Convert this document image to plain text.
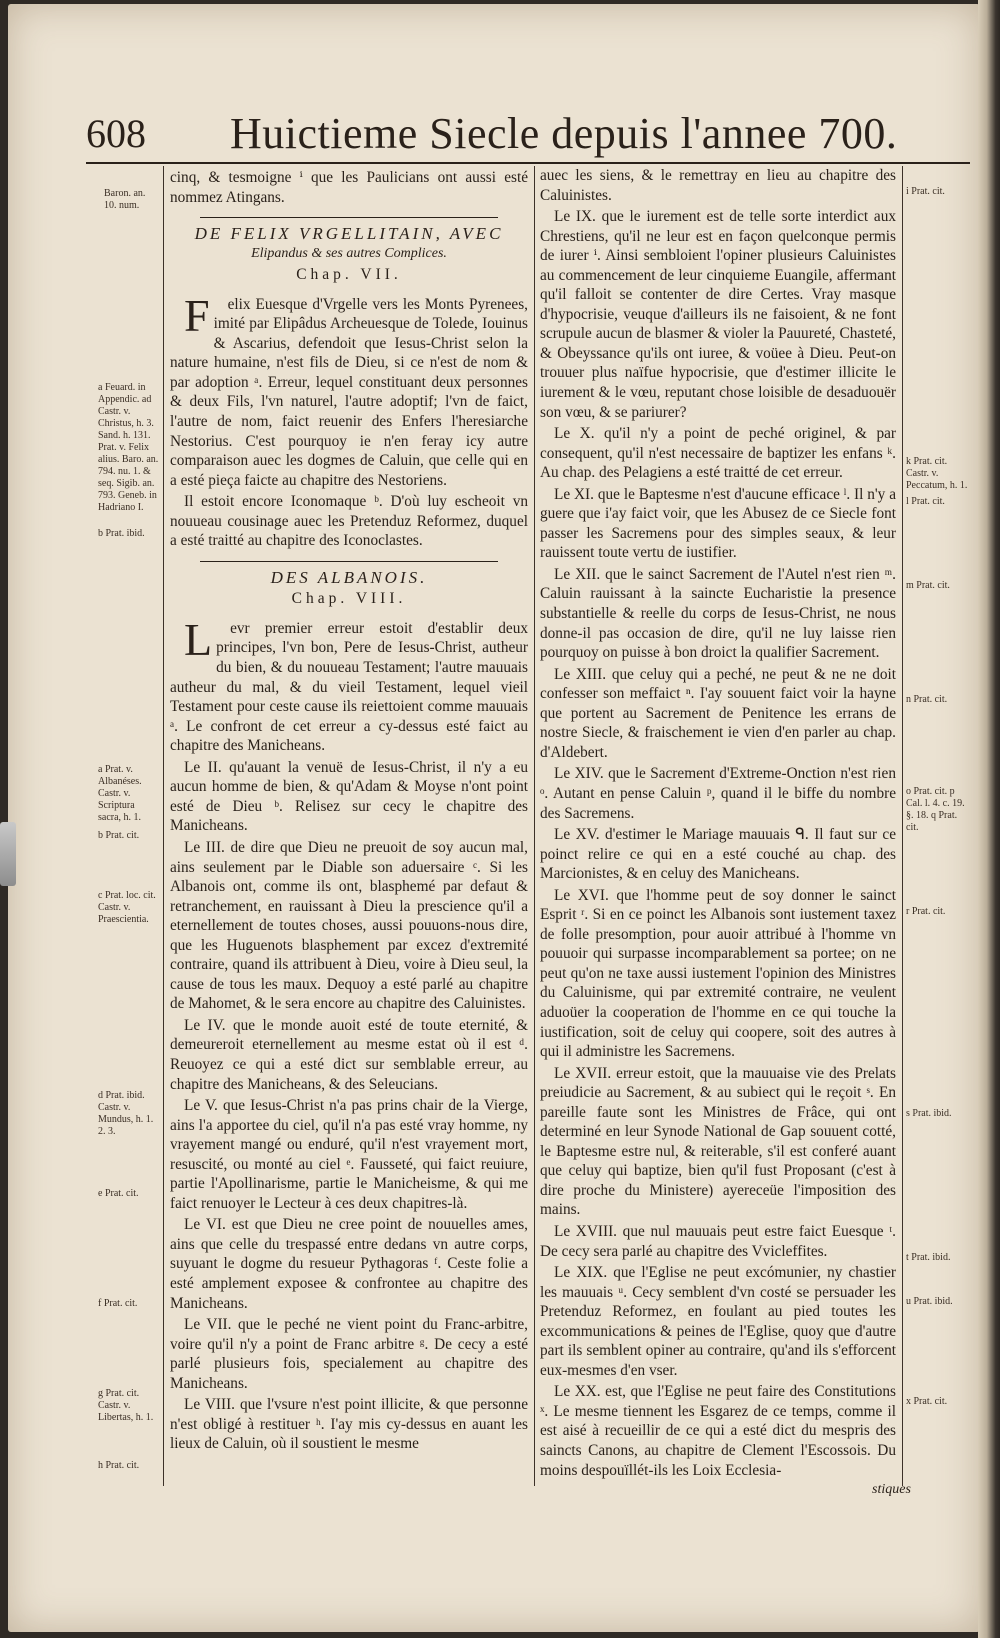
608 Huictieme Siecle depuis l'annee 700.

cinq, & tesmoigne ⁱ que les Paulicians ont aussi esté nommez Atingans.

DE FELIX VRGELLITAIN, AVEC
Elipandus & ses autres Complices.
Chap. VII.

Felix Euesque d'Vrgelle vers les Monts Pyrenees, imité par Elipâdus Archeuesque de Tolede, Iouinus & Ascarius, defendoit que Iesus-Christ selon la nature humaine, n'est fils de Dieu, si ce n'est de nom & par adoption ᵃ. Erreur, lequel constituant deux personnes & deux Fils, l'vn naturel, l'autre adoptif; l'vn de faict, l'autre de nom, faict reuenir des Enfers l'heresiarche Nestorius. C'est pourquoy ie n'en feray icy autre comparaison auec les dogmes de Caluin, que celle qui en a esté pieça faicte au chapitre des Nestoriens.

Il estoit encore Iconomaque ᵇ. D'où luy escheoit vn nouueau cousinage auec les Pretenduz Reformez, duquel a esté traitté au chapitre des Iconoclastes.

DES ALBANOIS.
Chap. VIII.

Levr premier erreur estoit d'establir deux principes, l'vn bon, Pere de Iesus-Christ, autheur du bien, & du nouueau Testament; l'autre mauuais autheur du mal, & du vieil Testament, lequel vieil Testament pour ceste cause ils reiettoient comme mauuais ᵃ. Le confront de cet erreur a cy-dessus esté faict au chapitre des Manicheans.

Le II. qu'auant la venuë de Iesus-Christ, il n'y a eu aucun homme de bien, & qu'Adam & Moyse n'ont point esté de Dieu ᵇ. Relisez sur cecy le chapitre des Manicheans.

Le III. de dire que Dieu ne preuoit de soy aucun mal, ains seulement par le Diable son aduersaire ᶜ. Si les Albanois ont, comme ils ont, blasphemé par defaut & retranchement, en rauissant à Dieu la prescience qu'il a eternellement de toutes choses, aussi pouuons-nous dire, que les Huguenots blasphement par excez d'extremité contraire, quand ils attribuent à Dieu, voire à Dieu seul, la cause de tous les maux. Dequoy a esté parlé au chapitre de Mahomet, & le sera encore au chapitre des Caluinistes.

Le IV. que le monde auoit esté de toute eternité, & demeureroit eternellement au mesme estat où il est ᵈ. Reuoyez ce qui a esté dict sur semblable erreur, au chapitre des Manicheans, & des Seleucians.

Le V. que Iesus-Christ n'a pas prins chair de la Vierge, ains l'a apportee du ciel, qu'il n'a pas esté vray homme, ny vrayement mangé ou enduré, qu'il n'est vrayement mort, resuscité, ou monté au ciel ᵉ. Fausseté, qui faict reuiure, partie l'Apollinarisme, partie le Manicheisme, & qui me faict renuoyer le Lecteur à ces deux chapitres-là.

Le VI. est que Dieu ne cree point de nouuelles ames, ains que celle du trespassé entre dedans vn autre corps, suyuant le dogme du resueur Pythagoras ᶠ. Ceste folie a esté amplement exposee & confrontee au chapitre des Manicheans.

Le VII. que le peché ne vient point du Franc-arbitre, voire qu'il n'y a point de Franc arbitre ᵍ. De cecy a esté parlé plusieurs fois, specialement au chapitre des Manicheans.

Le VIII. que l'vsure n'est point illicite, & que personne n'est obligé à restituer ʰ. I'ay mis cy-dessus en auant les lieux de Caluin, où il soustient le mesme

auec les siens, & le remettray en lieu au chapitre des Caluinistes.

Le IX. que le iurement est de telle sorte interdict aux Chrestiens, qu'il ne leur est en façon quelconque permis de iurer ⁱ. Ainsi sembloient l'opiner plusieurs Caluinistes au commencement de leur cinquieme Euangile, affermant qu'il falloit se contenter de dire Certes. Vray masque d'hypocrisie, veuque d'ailleurs ils ne faisoient, & ne font scrupule aucun de blasmer & violer la Pauureté, Chasteté, & Obeyssance qu'ils ont iuree, & voüee à Dieu. Peut-on trouuer plus naïfue hypocrisie, que d'estimer illicite le iurement & le vœu, reputant chose loisible de desaduouër son vœu, & se pariurer?

Le X. qu'il n'y a point de peché originel, & par consequent, qu'il n'est necessaire de baptizer les enfans ᵏ. Au chap. des Pelagiens a esté traitté de cet erreur.

Le XI. que le Baptesme n'est d'aucune efficace ˡ. Il n'y a guere que i'ay faict voir, que les Abusez de ce Siecle font passer les Sacremens pour des simples seaux, & leur rauissent toute vertu de iustifier.

Le XII. que le sainct Sacrement de l'Autel n'est rien ᵐ. Caluin rauissant à la saincte Eucharistie la presence substantielle & reelle du corps de Iesus-Christ, ne nous donne-il pas occasion de dire, qu'il ne luy laisse rien pourquoy on puisse à bon droict la qualifier Sacrement.

Le XIII. que celuy qui a peché, ne peut & ne ne doit confesser son meffaict ⁿ. I'ay souuent faict voir la hayne que portent au Sacrement de Penitence les errans de nostre Siecle, & fraischement ie vien d'en parler au chap. d'Aldebert.

Le XIV. que le Sacrement d'Extreme-Onction n'est rien ᵒ. Autant en pense Caluin ᵖ, quand il le biffe du nombre des Sacremens.

Le XV. d'estimer le Mariage mauuais ᑫ. Il faut sur ce poinct relire ce qui en a esté couché au chap. des Marcionistes, & en celuy des Manicheans.

Le XVI. que l'homme peut de soy donner le sainct Esprit ʳ. Si en ce poinct les Albanois sont iustement taxez de folle presomption, pour auoir attribué à l'homme vn pouuoir qui surpasse incomparablement sa portee; on ne peut qu'on ne taxe aussi iustement l'opinion des Ministres du Caluinisme, qui par extremité contraire, ne veulent aduoüer la cooperation de l'homme en ce qui touche la iustification, soit de celuy qui coopere, soit des autres à qui il administre les Sacremens.

Le XVII. erreur estoit, que la mauuaise vie des Prelats preiudicie au Sacrement, & au subiect qui le reçoit ˢ. En pareille faute sont les Ministres de Frâce, qui ont determiné en leur Synode National de Gap souuent cotté, le Baptesme estre nul, & reiterable, s'il est conferé auant que celuy qui baptize, bien qu'il fust Proposant (c'est à dire proche du Ministere) ayereceüe l'imposition des mains.

Le XVIII. que nul mauuais peut estre faict Euesque ᵗ. De cecy sera parlé au chapitre des Vvicleffites.

Le XIX. que l'Eglise ne peut excómunier, ny chastier les mauuais ᵘ. Cecy semblent d'vn costé se persuader les Pretenduz Reformez, en foulant au pied toutes les excommunications & peines de l'Eglise, quoy que d'autre part ils semblent opiner au contraire, qu'and ils s'efforcent eux-mesmes d'en vser.

Le XX. est, que l'Eglise ne peut faire des Constitutions ˣ. Le mesme tiennent les Esgarez de ce temps, comme il est aisé à recueillir de ce qui a esté dict du mespris des saincts Canons, au chapitre de Clement l'Escossois. Du moins despouïllét-ils les Loix Ecclesia-

stiques
Baron. an. 10. num.
a Feuard. in Appendic. ad Castr. v. Christus, h. 3. Sand. h. 131. Prat. v. Felix alius. Baro. an. 794. nu. 1. & seq. Sigib. an. 793. Geneb. in Hadriano I.
b Prat. ibid.
a Prat. v. Albanéses. Castr. v. Scriptura sacra, h. 1.
b Prat. cit.
c Prat. loc. cit. Castr. v. Praescientia.
d Prat. ibid. Castr. v. Mundus, h. 1. 2. 3.
e Prat. cit.
f Prat. cit.
g Prat. cit. Castr. v. Libertas, h. 1.
h Prat. cit.
i Prat. cit.
k Prat. cit. Castr. v. Peccatum, h. 1.
l Prat. cit.
m Prat. cit.
n Prat. cit.
o Prat. cit. p Cal. l. 4. c. 19. §. 18. q Prat. cit.
r Prat. cit.
s Prat. ibid.
t Prat. ibid.
u Prat. ibid.
x Prat. cit.
